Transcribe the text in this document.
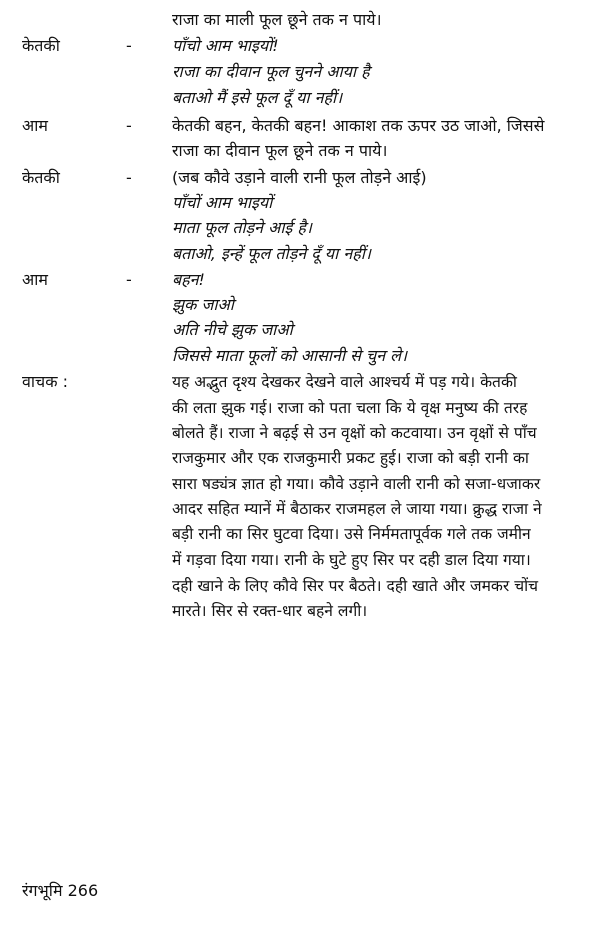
राजा का माली फूल छूने तक न पाये।
केतकी	-	पाँचो आम भाइयों!
राजा का दीवान फूल चुनने आया है
बताओ मैं इसे फूल दूँ या नहीं।
आम	-	केतकी बहन, केतकी बहन! आकाश तक ऊपर उठ जाओ, जिससे
राजा का दीवान फूल छूने तक न पाये।
केतकी	-	(जब कौवे उड़ाने वाली रानी फूल तोड़ने आई)
पाँचों आम भाइयों
माता फूल तोड़ने आई है।
बताओ, इन्हें फूल तोड़ने दूँ या नहीं।
आम	-	बहन!
झुक जाओ
अति नीचे झुक जाओ
जिससे माता फूलों को आसानी से चुन ले।
वाचक :	यह अद्भुत दृश्य देखकर देखने वाले आश्चर्य में पड़ गये। केतकी
की लता झुक गई। राजा को पता चला कि ये वृक्ष मनुष्य की तरह
बोलते हैं। राजा ने बढ़ई से उन वृक्षों को कटवाया। उन वृक्षों से पाँच
राजकुमार और एक राजकुमारी प्रकट हुई। राजा को बड़ी रानी का
सारा षड्यंत्र ज्ञात हो गया। कौवे उड़ाने वाली रानी को सजा-धजाकर
आदर सहित म्यानें में बैठाकर राजमहल ले जाया गया। क्रुद्ध राजा ने
बड़ी रानी का सिर घुटवा दिया। उसे निर्ममतापूर्वक गले तक जमीन
में गड़वा दिया गया। रानी के घुटे हुए सिर पर दही डाल दिया गया।
दही खाने के लिए कौवे सिर पर बैठते। दही खाते और जमकर चोंच
मारते। सिर से रक्त-धार बहने लगी।
रंगभूमि 266
